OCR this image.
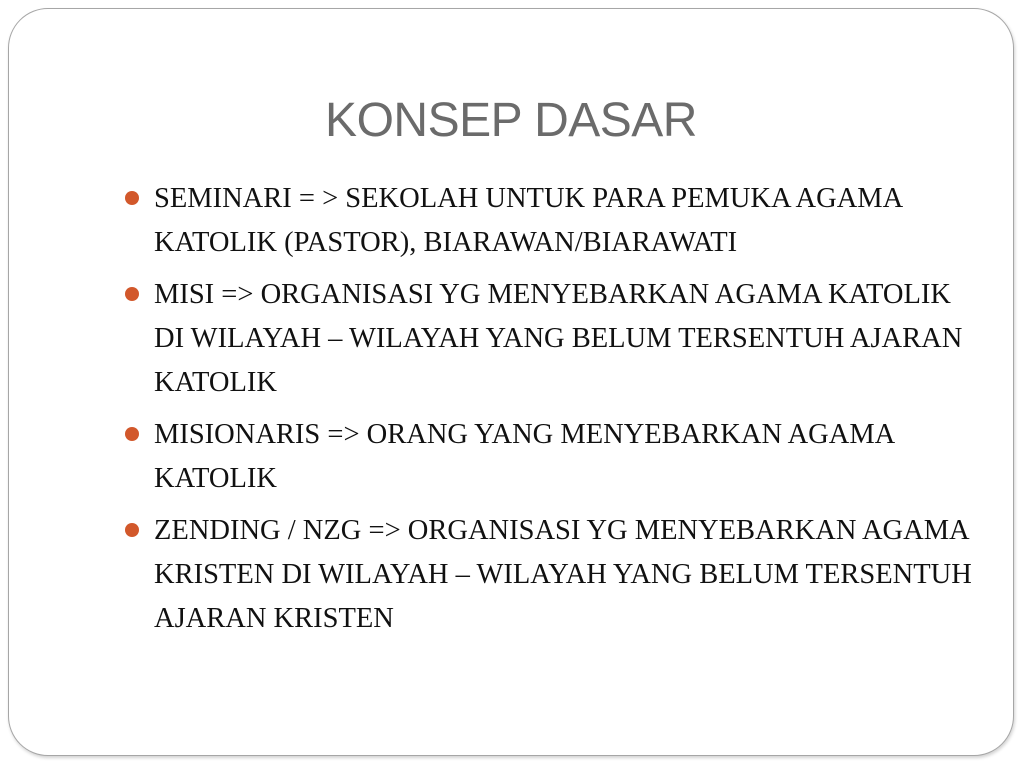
KONSEP DASAR
SEMINARI = > SEKOLAH UNTUK PARA PEMUKA AGAMA KATOLIK (PASTOR), BIARAWAN/BIARAWATI
MISI => ORGANISASI YG MENYEBARKAN AGAMA KATOLIK DI WILAYAH – WILAYAH YANG BELUM TERSENTUH AJARAN KATOLIK
MISIONARIS => ORANG YANG MENYEBARKAN AGAMA KATOLIK
ZENDING / NZG => ORGANISASI YG MENYEBARKAN AGAMA KRISTEN DI WILAYAH – WILAYAH YANG BELUM TERSENTUH AJARAN KRISTEN
